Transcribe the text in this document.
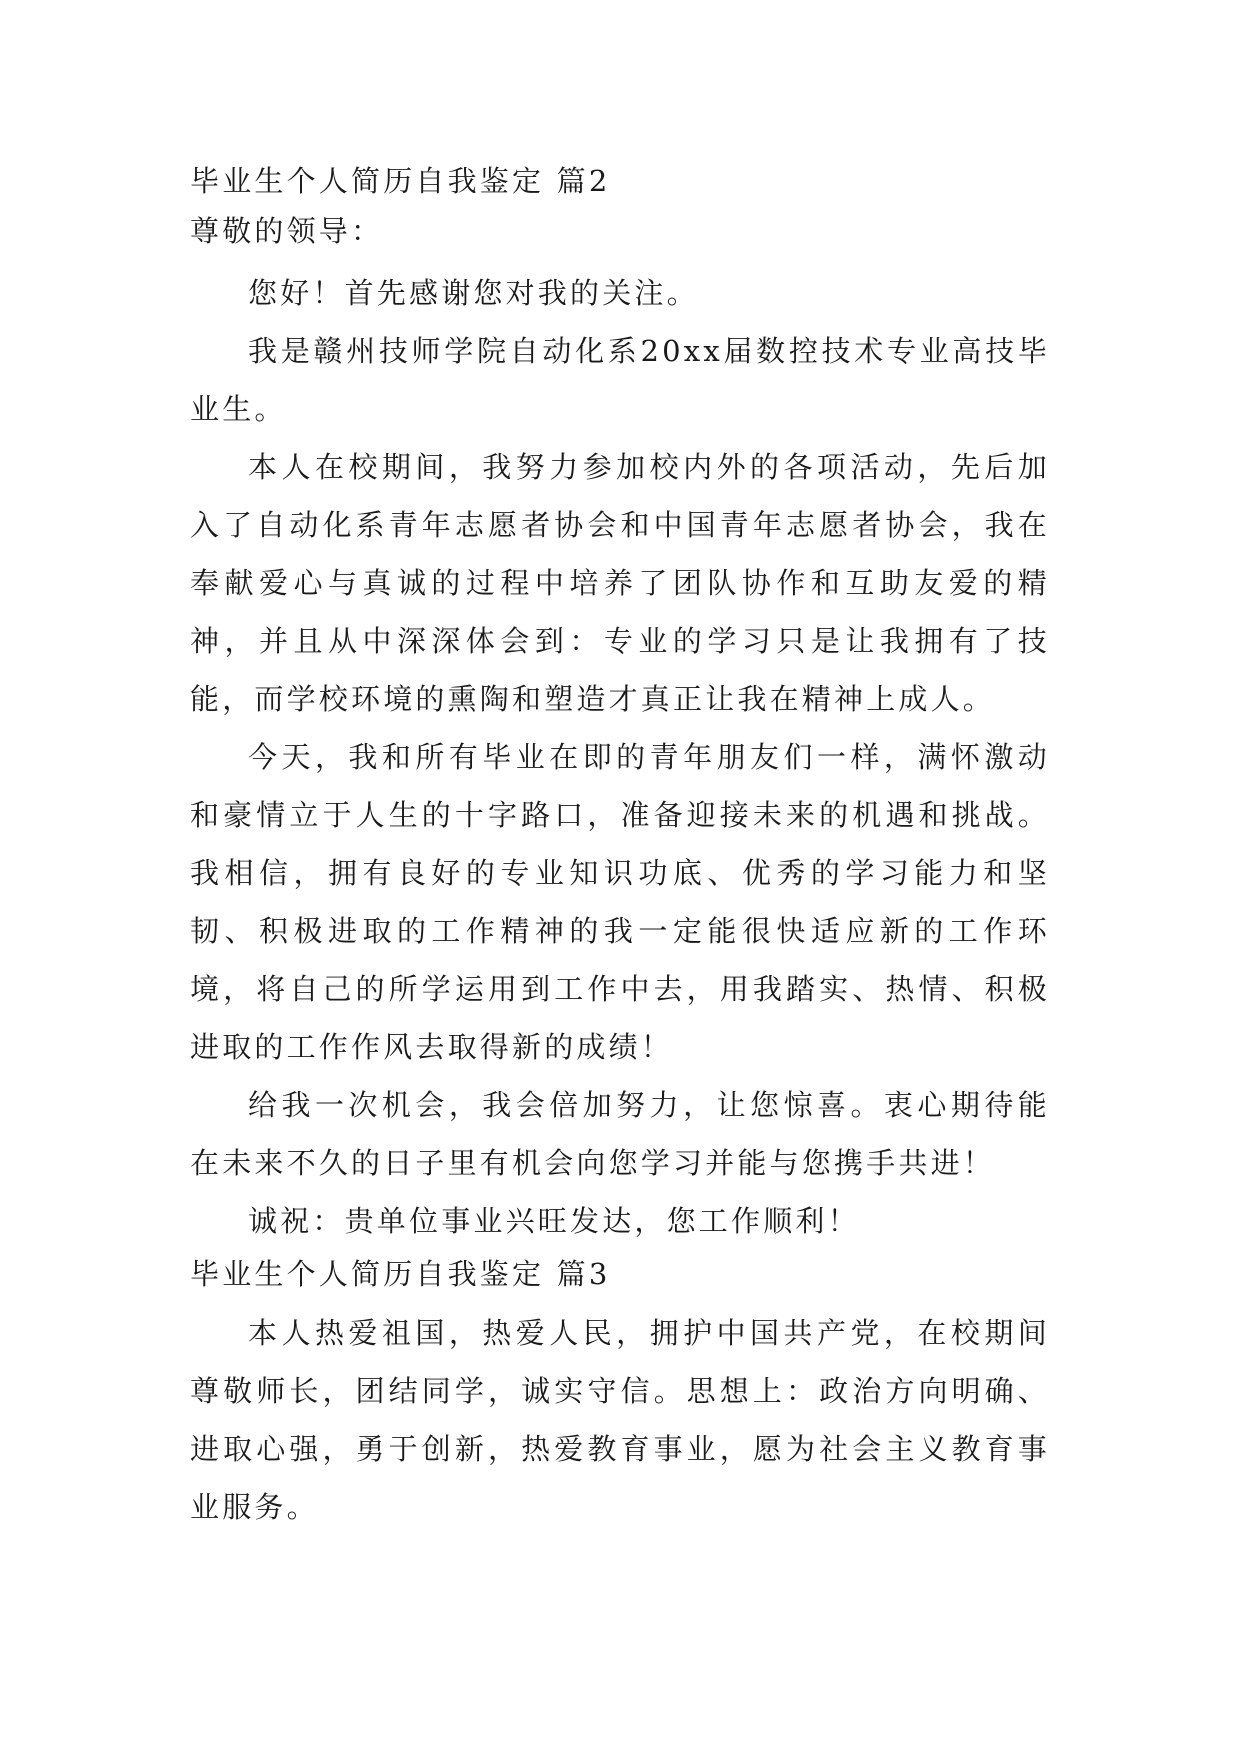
毕业生个人简历自我鉴定 篇2

尊敬的领导：

您好！首先感谢您对我的关注。

我是赣州技师学院自动化系20xx届数控技术专业高技毕业生。

本人在校期间，我努力参加校内外的各项活动，先后加入了自动化系青年志愿者协会和中国青年志愿者协会，我在奉献爱心与真诚的过程中培养了团队协作和互助友爱的精神，并且从中深深体会到：专业的学习只是让我拥有了技能，而学校环境的熏陶和塑造才真正让我在精神上成人。

今天，我和所有毕业在即的青年朋友们一样，满怀激动和豪情立于人生的十字路口，准备迎接未来的机遇和挑战。我相信，拥有良好的专业知识功底、优秀的学习能力和坚韧、积极进取的工作精神的我一定能很快适应新的工作环境，将自己的所学运用到工作中去，用我踏实、热情、积极进取的工作作风去取得新的成绩！

给我一次机会，我会倍加努力，让您惊喜。衷心期待能在未来不久的日子里有机会向您学习并能与您携手共进！

诚祝：贵单位事业兴旺发达，您工作顺利！

毕业生个人简历自我鉴定 篇3

本人热爱祖国，热爱人民，拥护中国共产党，在校期间尊敬师长，团结同学，诚实守信。思想上：政治方向明确、进取心强，勇于创新，热爱教育事业，愿为社会主义教育事业服务。
